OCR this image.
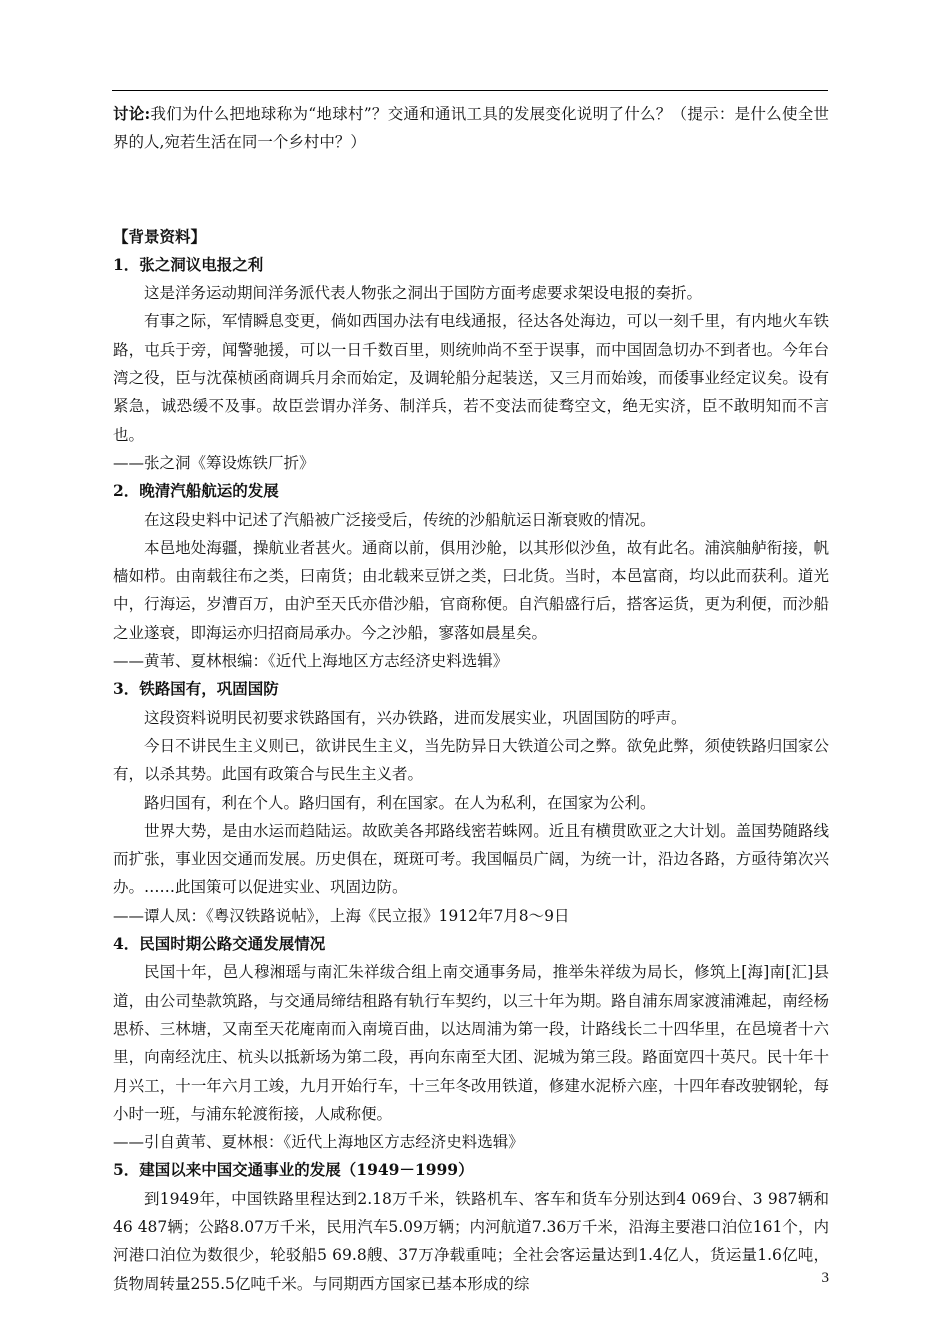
讨论:我们为什么把地球称为“地球村”？交通和通讯工具的发展变化说明了什么？（提示：是什么使全世界的人,宛若生活在同一个乡村中？）

【背景资料】

1．张之洞议电报之利

这是洋务运动期间洋务派代表人物张之洞出于国防方面考虑要求架设电报的奏折。

有事之际，军情瞬息变更，倘如西国办法有电线通报，径达各处海边，可以一刻千里，有内地火车铁路，屯兵于旁，闻警驰援，可以一日千数百里，则统帅尚不至于误事，而中国固急切办不到者也。今年台湾之役，臣与沈葆桢函商调兵月余而始定，及调轮船分起装送，又三月而始竣，而倭事业经定议矣。设有紧急，诚恐缓不及事。故臣尝谓办洋务、制洋兵，若不变法而徒骛空文，绝无实济，臣不敢明知而不言也。

——张之洞《筹设炼铁厂折》

2．晚清汽船航运的发展

在这段史料中记述了汽船被广泛接受后，传统的沙船航运日渐衰败的情况。

本邑地处海疆，操航业者甚火。通商以前，俱用沙舱，以其形似沙鱼，故有此名。浦滨舳舻衔接，帆樯如栉。由南载往布之类，曰南货；由北载来豆饼之类，曰北货。当时，本邑富商，均以此而获利。道光中，行海运，岁漕百万，由沪至天氏亦借沙船，官商称便。自汽船盛行后，搭客运货，更为利便，而沙船之业遂衰，即海运亦归招商局承办。今之沙船，寥落如晨星矣。

——黄苇、夏林根编：《近代上海地区方志经济史料选辑》

3．铁路国有，巩固国防

这段资料说明民初要求铁路国有，兴办铁路，进而发展实业，巩固国防的呼声。

今日不讲民生主义则已，欲讲民生主义，当先防异日大铁道公司之弊。欲免此弊，须使铁路归国家公有，以杀其势。此国有政策合与民生主义者。

路归国有，利在个人。路归国有，利在国家。在人为私利，在国家为公利。

世界大势，是由水运而趋陆运。故欧美各邦路线密若蛛网。近且有横贯欧亚之大计划。盖国势随路线而扩张，事业因交通而发展。历史俱在，斑斑可考。我国幅员广阔，为统一计，沿边各路，方亟待第次兴办。……此国策可以促进实业、巩固边防。

——谭人凤：《粤汉铁路说帖》，上海《民立报》1912年7月8～9日

4．民国时期公路交通发展情况

民国十年，邑人穆湘瑶与南汇朱祥绂合组上南交通事务局，推举朱祥绂为局长，修筑上[海]南[汇]县道，由公司垫款筑路，与交通局缔结租路有轨行车契约，以三十年为期。路自浦东周家渡浦滩起，南经杨思桥、三林塘，又南至天花庵南而入南境百曲，以达周浦为第一段，计路线长二十四华里，在邑境者十六里，向南经沈庄、杭头以抵新场为第二段，再向东南至大团、泥城为第三段。路面宽四十英尺。民十年十月兴工，十一年六月工竣，九月开始行车，十三年冬改用铁道，修建水泥桥六座，十四年春改驶钢轮，每小时一班，与浦东轮渡衔接，人咸称便。

——引自黄苇、夏林根：《近代上海地区方志经济史料选辑》

5．建国以来中国交通事业的发展（1949－1999）

到1949年，中国铁路里程达到2.18万千米，铁路机车、客车和货车分别达到4 069台、3 987辆和46 487辆；公路8.07万千米，民用汽车5.09万辆；内河航道7.36万千米，沿海主要港口泊位161个，内河港口泊位为数很少，轮驳船5 69.8艘、37万净载重吨；全社会客运量达到1.4亿人，货运量1.6亿吨，货物周转量255.5亿吨千米。与同期西方国家已基本形成的综	3
